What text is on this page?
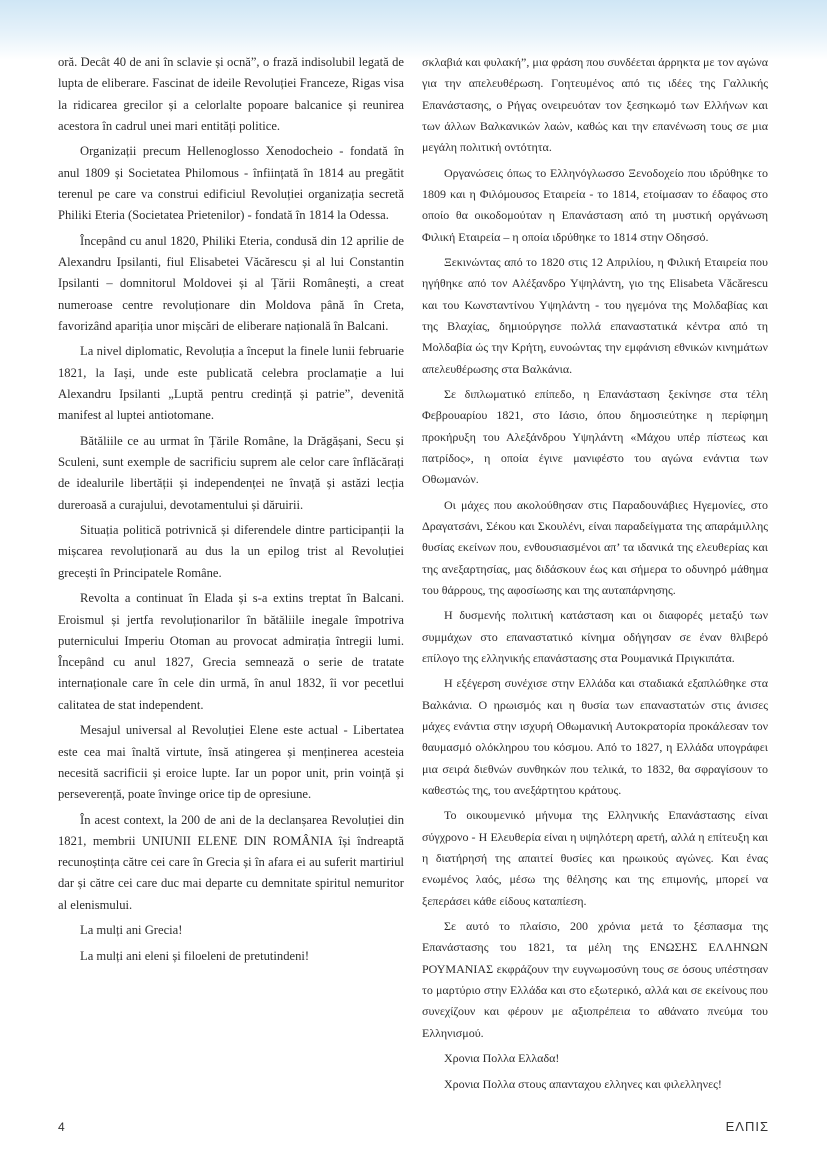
oră. Decât 40 de ani în sclavie și ocnă”, o frază indisolubil legată de lupta de eliberare. Fascinat de ideile Revoluției Franceze, Rigas visa la ridicarea grecilor și a celorlalte popoare balcanice și reunirea acestora în cadrul unei mari entități politice.

Organizații precum Hellenoglosso Xenodocheio - fondată în anul 1809 și Societatea Philomous - înființată în 1814 au pregătit terenul pe care va construi edificiul Revoluției organizația secretă Philiki Eteria (Societatea Prietenilor) - fondată în 1814 la Odessa.

Începând cu anul 1820, Philiki Eteria, condusă din 12 aprilie de Alexandru Ipsilanti, fiul Elisabetei Văcărescu și al lui Constantin Ipsilanti – domnitorul Moldovei și al Țării Românești, a creat numeroase centre revoluționare din Moldova până în Creta, favorizând apariția unor mișcări de eliberare națională în Balcani.

La nivel diplomatic, Revoluția a început la finele lunii februarie 1821, la Iași, unde este publicată celebra proclamație a lui Alexandru Ipsilanti „Luptă pentru credință și patrie”, devenită manifest al luptei antiotomane.

Bătăliile ce au urmat în Țările Române, la Drăgășani, Secu și Sculeni, sunt exemple de sacrificiu suprem ale celor care înflăcărați de idealurile libertății și independenței ne învață și astăzi lecția dureroasă a curajului, devotamentului și dăruirii.

Situația politică potrivnică și diferendele dintre participanții la mișcarea revoluționară au dus la un epilog trist al Revoluției grecești în Principatele Române.

Revolta a continuat în Elada și s-a extins treptat în Balcani. Eroismul și jertfa revoluționarilor în bătăliile inegale împotriva puternicului Imperiu Otoman au provocat admirația întregii lumi. Începând cu anul 1827, Grecia semnează o serie de tratate internaționale care în cele din urmă, în anul 1832, îi vor pecetlui calitatea de stat independent.

Mesajul universal al Revoluției Elene este actual - Libertatea este cea mai înaltă virtute, însă atingerea și menținerea acesteia necesită sacrificii și eroice lupte. Iar un popor unit, prin voință și perseverență, poate învinge orice tip de opresiune.

În acest context, la 200 de ani de la declanșarea Revoluției din 1821, membrii UNIUNII ELENE DIN ROMÂNIA își îndreaptă recunoștința către cei care în Grecia și în afara ei au suferit martiriul dar și către cei care duc mai departe cu demnitate spiritul nemuritor al elenismului.

La mulți ani Grecia!

La mulți ani eleni și filoeleni de pretutindeni!

σκλαβιά και φυλακή”, μια φράση που συνδέεται άρρηκτα με τον αγώνα για την απελευθέρωση. Γοητευμένος από τις ιδέες της Γαλλικής Επανάστασης, ο Ρήγας ονειρευόταν τον ξεσηκωμό των Ελλήνων και των άλλων Βαλκανικών λαών, καθώς και την επανένωση τους σε μια μεγάλη πολιτική οντότητα.

Οργανώσεις όπως το Ελληνόγλωσσο Ξενοδοχείο που ιδρύθηκε το 1809 και η Φιλόμουσος Εταιρεία - το 1814, ετοίμασαν το έδαφος στο οποίο θα οικοδομούταν η Επανάσταση από τη μυστική οργάνωση Φιλική Εταιρεία – η οποία ιδρύθηκε το 1814 στην Οδησσό.

Ξεκινώντας από το 1820 στις 12 Απριλίου, η Φιλική Εταιρεία που ηγήθηκε από τον Αλέξανδρο Υψηλάντη, γιο της Elisabeta Văcărescu και του Κωνσταντίνου Υψηλάντη - του ηγεμόνα της Μολδαβίας και της Βλαχίας, δημιούργησε πολλά επαναστατικά κέντρα από τη Μολδαβία ώς την Κρήτη, ευνοώντας την εμφάνιση εθνικών κινημάτων απελευθέρωσης στα Βαλκάνια.

Σε διπλωματικό επίπεδο, η Επανάσταση ξεκίνησε στα τέλη Φεβρουαρίου 1821, στο Ιάσιο, όπου δημοσιεύτηκε η περίφημη προκήρυξη του Αλεξάνδρου Υψηλάντη «Μάχου υπέρ πίστεως και πατρίδος», η οποία έγινε μανιφέστο του αγώνα ενάντια των Οθωμανών.

Οι μάχες που ακολούθησαν στις Παραδουνάβιες Ηγεμονίες, στο Δραγατσάνι, Σέκου και Σκουλένι, είναι παραδείγματα της απαράμιλλης θυσίας εκείνων που, ενθουσιασμένοι απ’ τα ιδανικά της ελευθερίας και της ανεξαρτησίας, μας διδάσκουν έως και σήμερα το οδυνηρό μάθημα του θάρρους, της αφοσίωσης και της αυταπάρνησης.

Η δυσμενής πολιτική κατάσταση και οι διαφορές μεταξύ των συμμάχων στο επαναστατικό κίνημα οδήγησαν σε έναν θλιβερό επίλογο της ελληνικής επανάστασης στα Ρουμανικά Πριγκιπάτα.

Η εξέγερση συνέχισε στην Ελλάδα και σταδιακά εξαπλώθηκε στα Βαλκάνια. Ο ηρωισμός και η θυσία των επαναστατών στις άνισες μάχες ενάντια στην ισχυρή Οθωμανική Αυτοκρατορία προκάλεσαν τον θαυμασμό ολόκληρου του κόσμου. Από το 1827, η Ελλάδα υπογράφει μια σειρά διεθνών συνθηκών που τελικά, το 1832, θα σφραγίσουν το καθεστώς της, του ανεξάρτητου κράτους.

Το οικουμενικό μήνυμα της Ελληνικής Επανάστασης είναι σύγχρονο - Η Ελευθερία είναι η υψηλότερη αρετή, αλλά η επίτευξη και η διατήρησή της απαιτεί θυσίες και ηρωικούς αγώνες. Και ένας ενωμένος λαός, μέσω της θέλησης και της επιμονής, μπορεί να ξεπεράσει κάθε είδους καταπίεση.

Σε αυτό το πλαίσιο, 200 χρόνια μετά το ξέσπασμα της Επανάστασης του 1821, τα μέλη της ΕΝΩΣΗΣ ΕΛΛΗΝΩΝ ΡΟΥΜΑΝΙΑΣ εκφράζουν την ευγνωμοσύνη τους σε όσους υπέστησαν το μαρτύριο στην Ελλάδα και στο εξωτερικό, αλλά και σε εκείνους που συνεχίζουν και φέρουν με αξιοπρέπεια το αθάνατο πνεύμα του Ελληνισμού.

Χρονια Πολλα Ελλαδα!

Χρονια Πολλα στους απανταχου ελληνες και φιλελληνες!

4	ΕΛΠΙΣ
